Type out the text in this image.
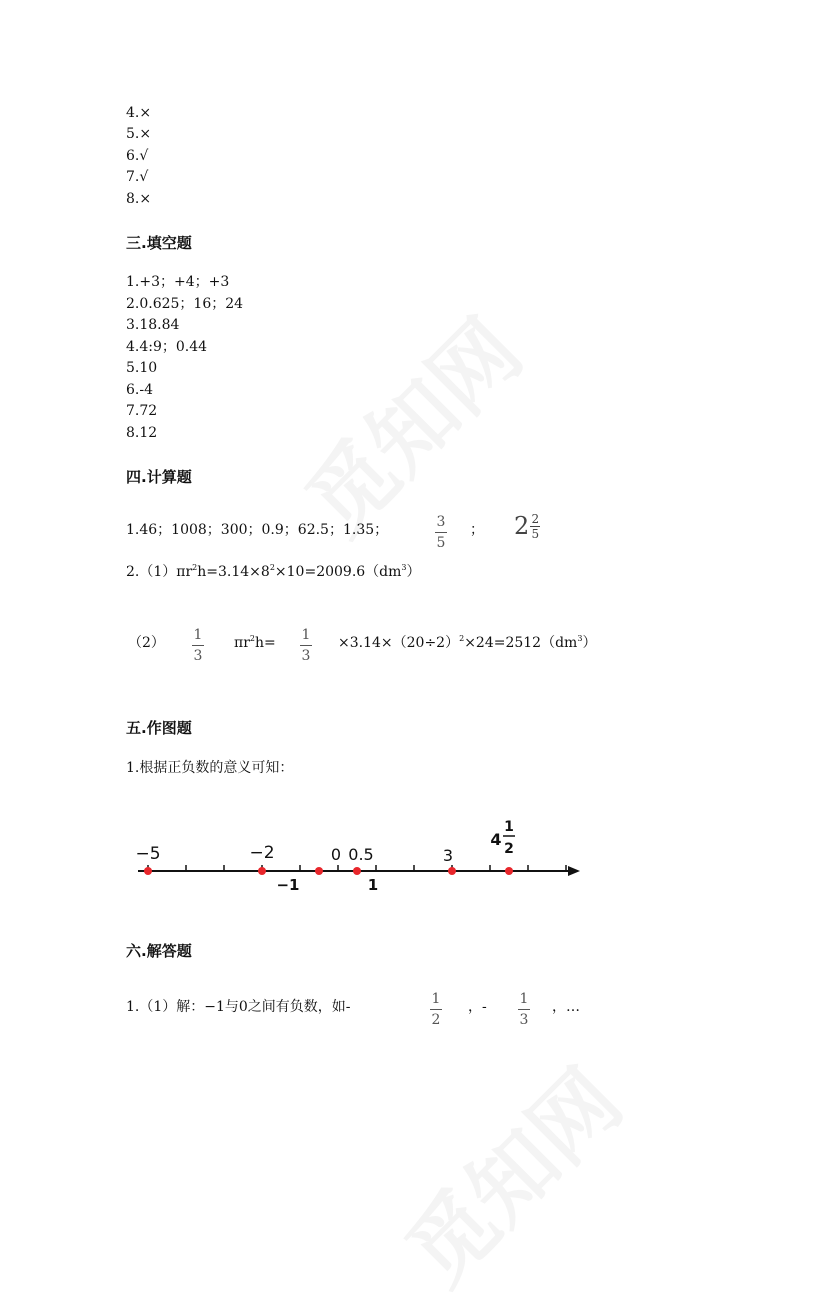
4.×
5.×
6.√
7.√
8.×
三.填空题
1.+3；+4；+3
2.0.625；16；24
3.18.84
4.4:9；0.44
5.10
6.-4
7.72
8.12
四.计算题
1.46；1008；300；0.9；62.5；1.35；	3
5
； 2 2
5
$2.(1)\pi r^2h=3.14\times 8^2\times 10=2009.6(dm^3)$
（2） 1
3
$\pi r^2h= 1$
3
$\times 3.14\times(20\div 2)^2\times 24=2512(dm^3)$
五.作图题
1.根据正负数的意义可知：
−5	−2	0 0.5	3
4
1
2
−1	1
六.解答题
1.（1）解：−1与0之间有负数，如-	1
2
，- 1
3
，…
